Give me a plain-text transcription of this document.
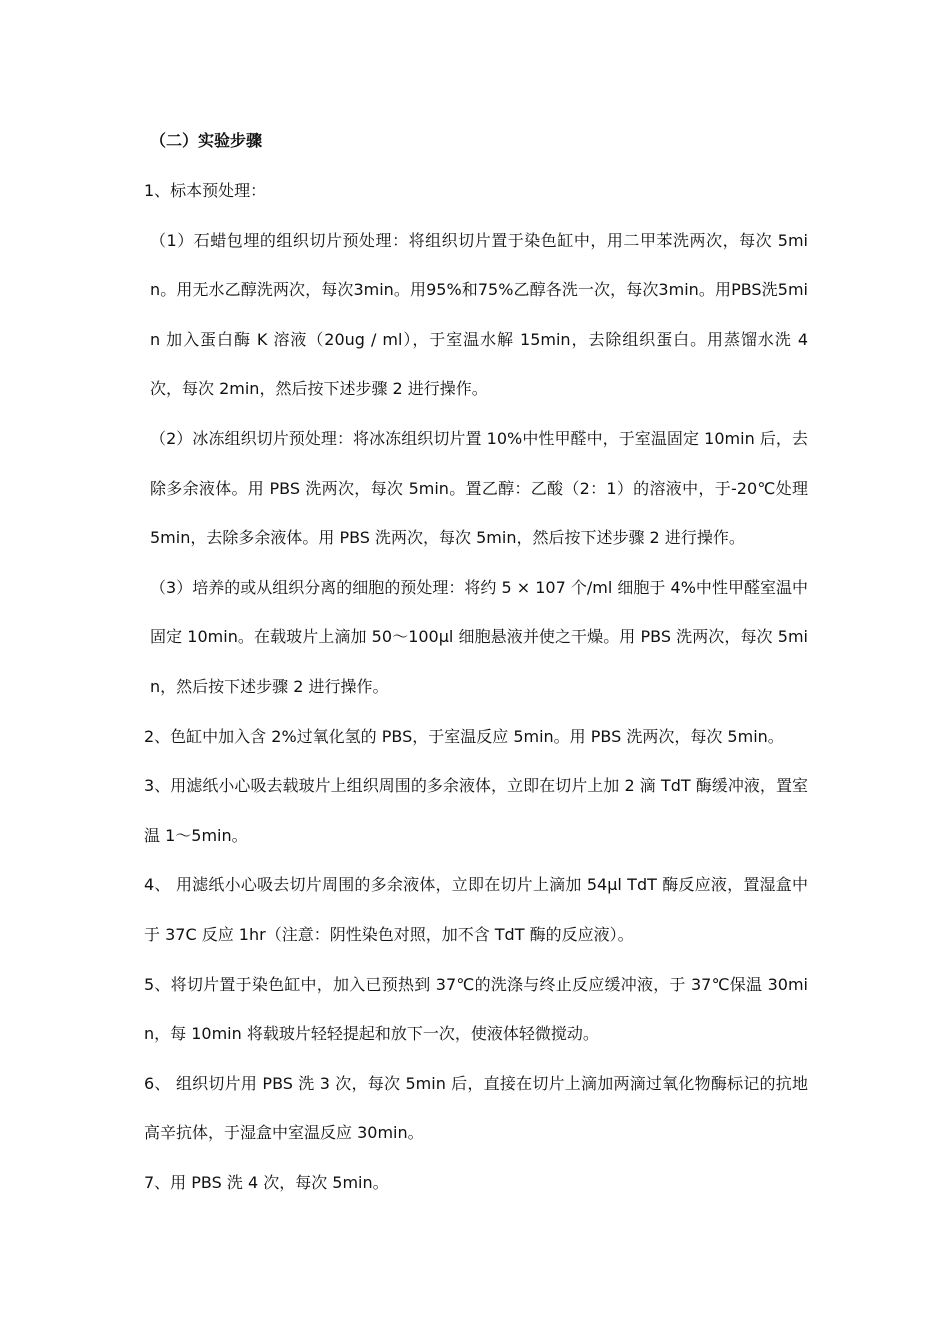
（二）实验步骤

1、标本预处理：

（1）石蜡包埋的组织切片预处理：将组织切片置于染色缸中，用二甲苯洗两次，每次 5min。用无水乙醇洗两次，每次3min。用95%和75%乙醇各洗一次，每次3min。用PBS洗5min 加入蛋白酶 K 溶液（20ug / ml），于室温水解 15min，去除组织蛋白。用蒸馏水洗 4 次，每次 2min，然后按下述步骤 2 进行操作。

（2）冰冻组织切片预处理：将冰冻组织切片置 10%中性甲醛中，于室温固定 10min 后，去除多余液体。用 PBS 洗两次，每次 5min。置乙醇：乙酸（2：1）的溶液中，于-20℃处理 5min，去除多余液体。用 PBS 洗两次，每次 5min，然后按下述步骤 2 进行操作。

（3）培养的或从组织分离的细胞的预处理：将约 5 × 107 个/ml 细胞于 4%中性甲醛室温中固定 10min。在载玻片上滴加 50～100μl 细胞悬液并使之干燥。用 PBS 洗两次，每次 5min，然后按下述步骤 2 进行操作。

2、色缸中加入含 2%过氧化氢的 PBS，于室温反应 5min。用 PBS 洗两次，每次 5min。

3、用滤纸小心吸去载玻片上组织周围的多余液体，立即在切片上加 2 滴 TdT 酶缓冲液，置室温 1～5min。

4、 用滤纸小心吸去切片周围的多余液体，立即在切片上滴加 54μl TdT 酶反应液，置湿盒中于 37C 反应 1hr（注意：阴性染色对照，加不含 TdT 酶的反应液）。

5、将切片置于染色缸中，加入已预热到 37℃的洗涤与终止反应缓冲液，于 37℃保温 30min，每 10min 将载玻片轻轻提起和放下一次，使液体轻微搅动。

6、 组织切片用 PBS 洗 3 次，每次 5min 后，直接在切片上滴加两滴过氧化物酶标记的抗地高辛抗体，于湿盒中室温反应 30min。

7、用 PBS 洗 4 次，每次 5min。
